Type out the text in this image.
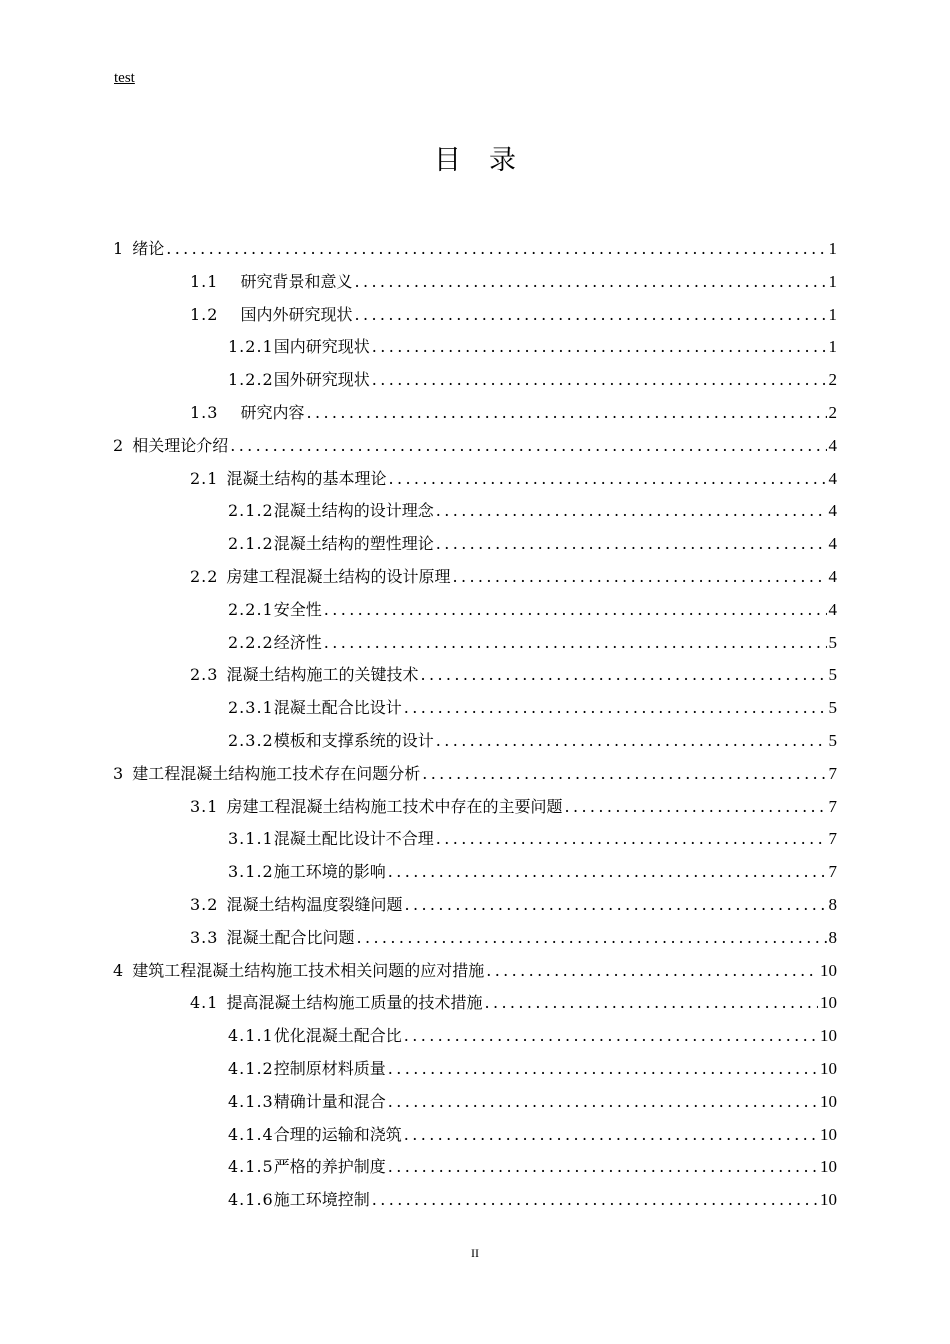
test
目录
1 绪论 .....	1
1.1 研究背景和意义 .....	1
1.2 国内外研究现状 .....	1
1.2.1 国内研究现状 .....	1
1.2.2 国外研究现状 .....	2
1.3 研究内容 .....	2
2 相关理论介绍 .....	4
2.1 混凝土结构的基本理论 .....	4
2.1.2 混凝土结构的设计理念 .....	4
2.1.2 混凝土结构的塑性理论 .....	4
2.2 房建工程混凝土结构的设计原理 .....	4
2.2.1 安全性 .....	4
2.2.2 经济性 .....	5
2.3 混凝土结构施工的关键技术 .....	5
2.3.1 混凝土配合比设计 .....	5
2.3.2 模板和支撑系统的设计 .....	5
3 建工程混凝土结构施工技术存在问题分析 .....	7
3.1 房建工程混凝土结构施工技术中存在的主要问题 .....	7
3.1.1 混凝土配比设计不合理 .....	7
3.1.2 施工环境的影响 .....	7
3.2 混凝土结构温度裂缝问题 .....	8
3.3 混凝土配合比问题 .....	8
4 建筑工程混凝土结构施工技术相关问题的应对措施 .....	10
4.1 提高混凝土结构施工质量的技术措施 .....	10
4.1.1 优化混凝土配合比 .....	10
4.1.2 控制原材料质量 .....	10
4.1.3 精确计量和混合 .....	10
4.1.4 合理的运输和浇筑 .....	10
4.1.5 严格的养护制度 .....	10
4.1.6 施工环境控制 .....	10
II
